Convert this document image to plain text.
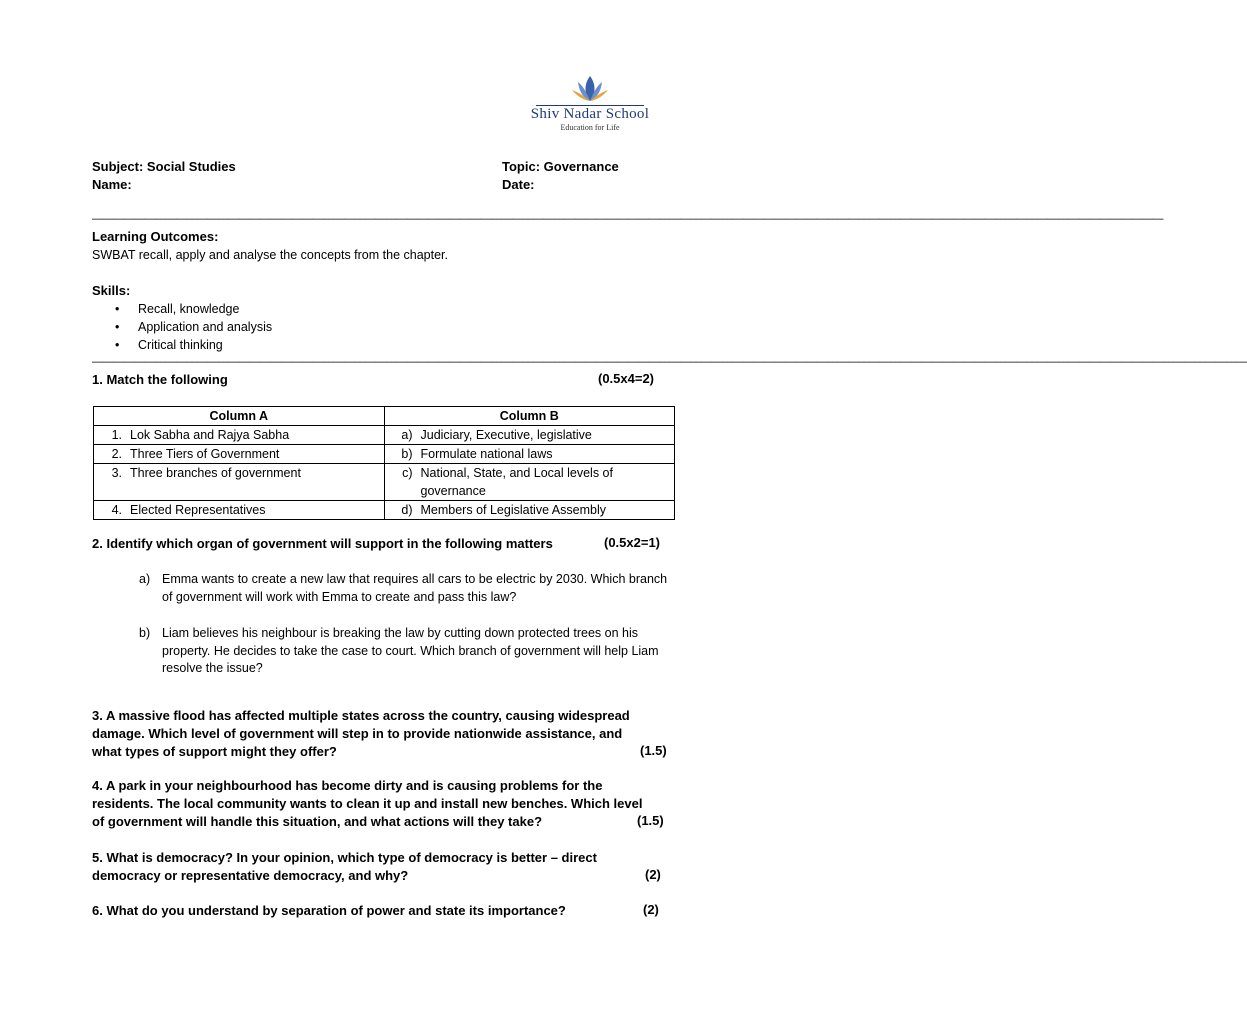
Shiv Nadar School
Education for Life
Subject: Social Studies
Name:
Topic: Governance
Date:
——————————————————————————————————————————————————————————————————————————————————————————————————————
Learning Outcomes:
SWBAT recall, apply and analyse the concepts from the chapter.
Skills:
• Recall, knowledge
• Application and analysis
• Critical thinking
——————————————————————————————————————————————————————————————————————————————————————————————————————————————
1. Match the following	(0.5x4=2)
Column A	Column B

1. Lok Sabha and Rajya Sabha	a) Judiciary, Executive, legislative

2. Three Tiers of Government	b) Formulate national laws

3. Three branches of government	c) National, State, and Local levels of governance

4. Elected Representatives	d) Members of Legislative Assembly
2. Identify which organ of government will support in the following matters	(0.5x2=1)
a) Emma wants to create a new law that requires all cars to be electric by 2030. Which branch of government will work with Emma to create and pass this law?
b) Liam believes his neighbour is breaking the law by cutting down protected trees on his property. He decides to take the case to court. Which branch of government will help Liam resolve the issue?
3. A massive flood has affected multiple states across the country, causing widespread
damage. Which level of government will step in to provide nationwide assistance, and
what types of support might they offer?	(1.5)
4. A park in your neighbourhood has become dirty and is causing problems for the
residents. The local community wants to clean it up and install new benches. Which level
of government will handle this situation, and what actions will they take?	(1.5)
5. What is democracy? In your opinion, which type of democracy is better – direct
democracy or representative democracy, and why?	(2)
6. What do you understand by separation of power and state its importance?	(2)
